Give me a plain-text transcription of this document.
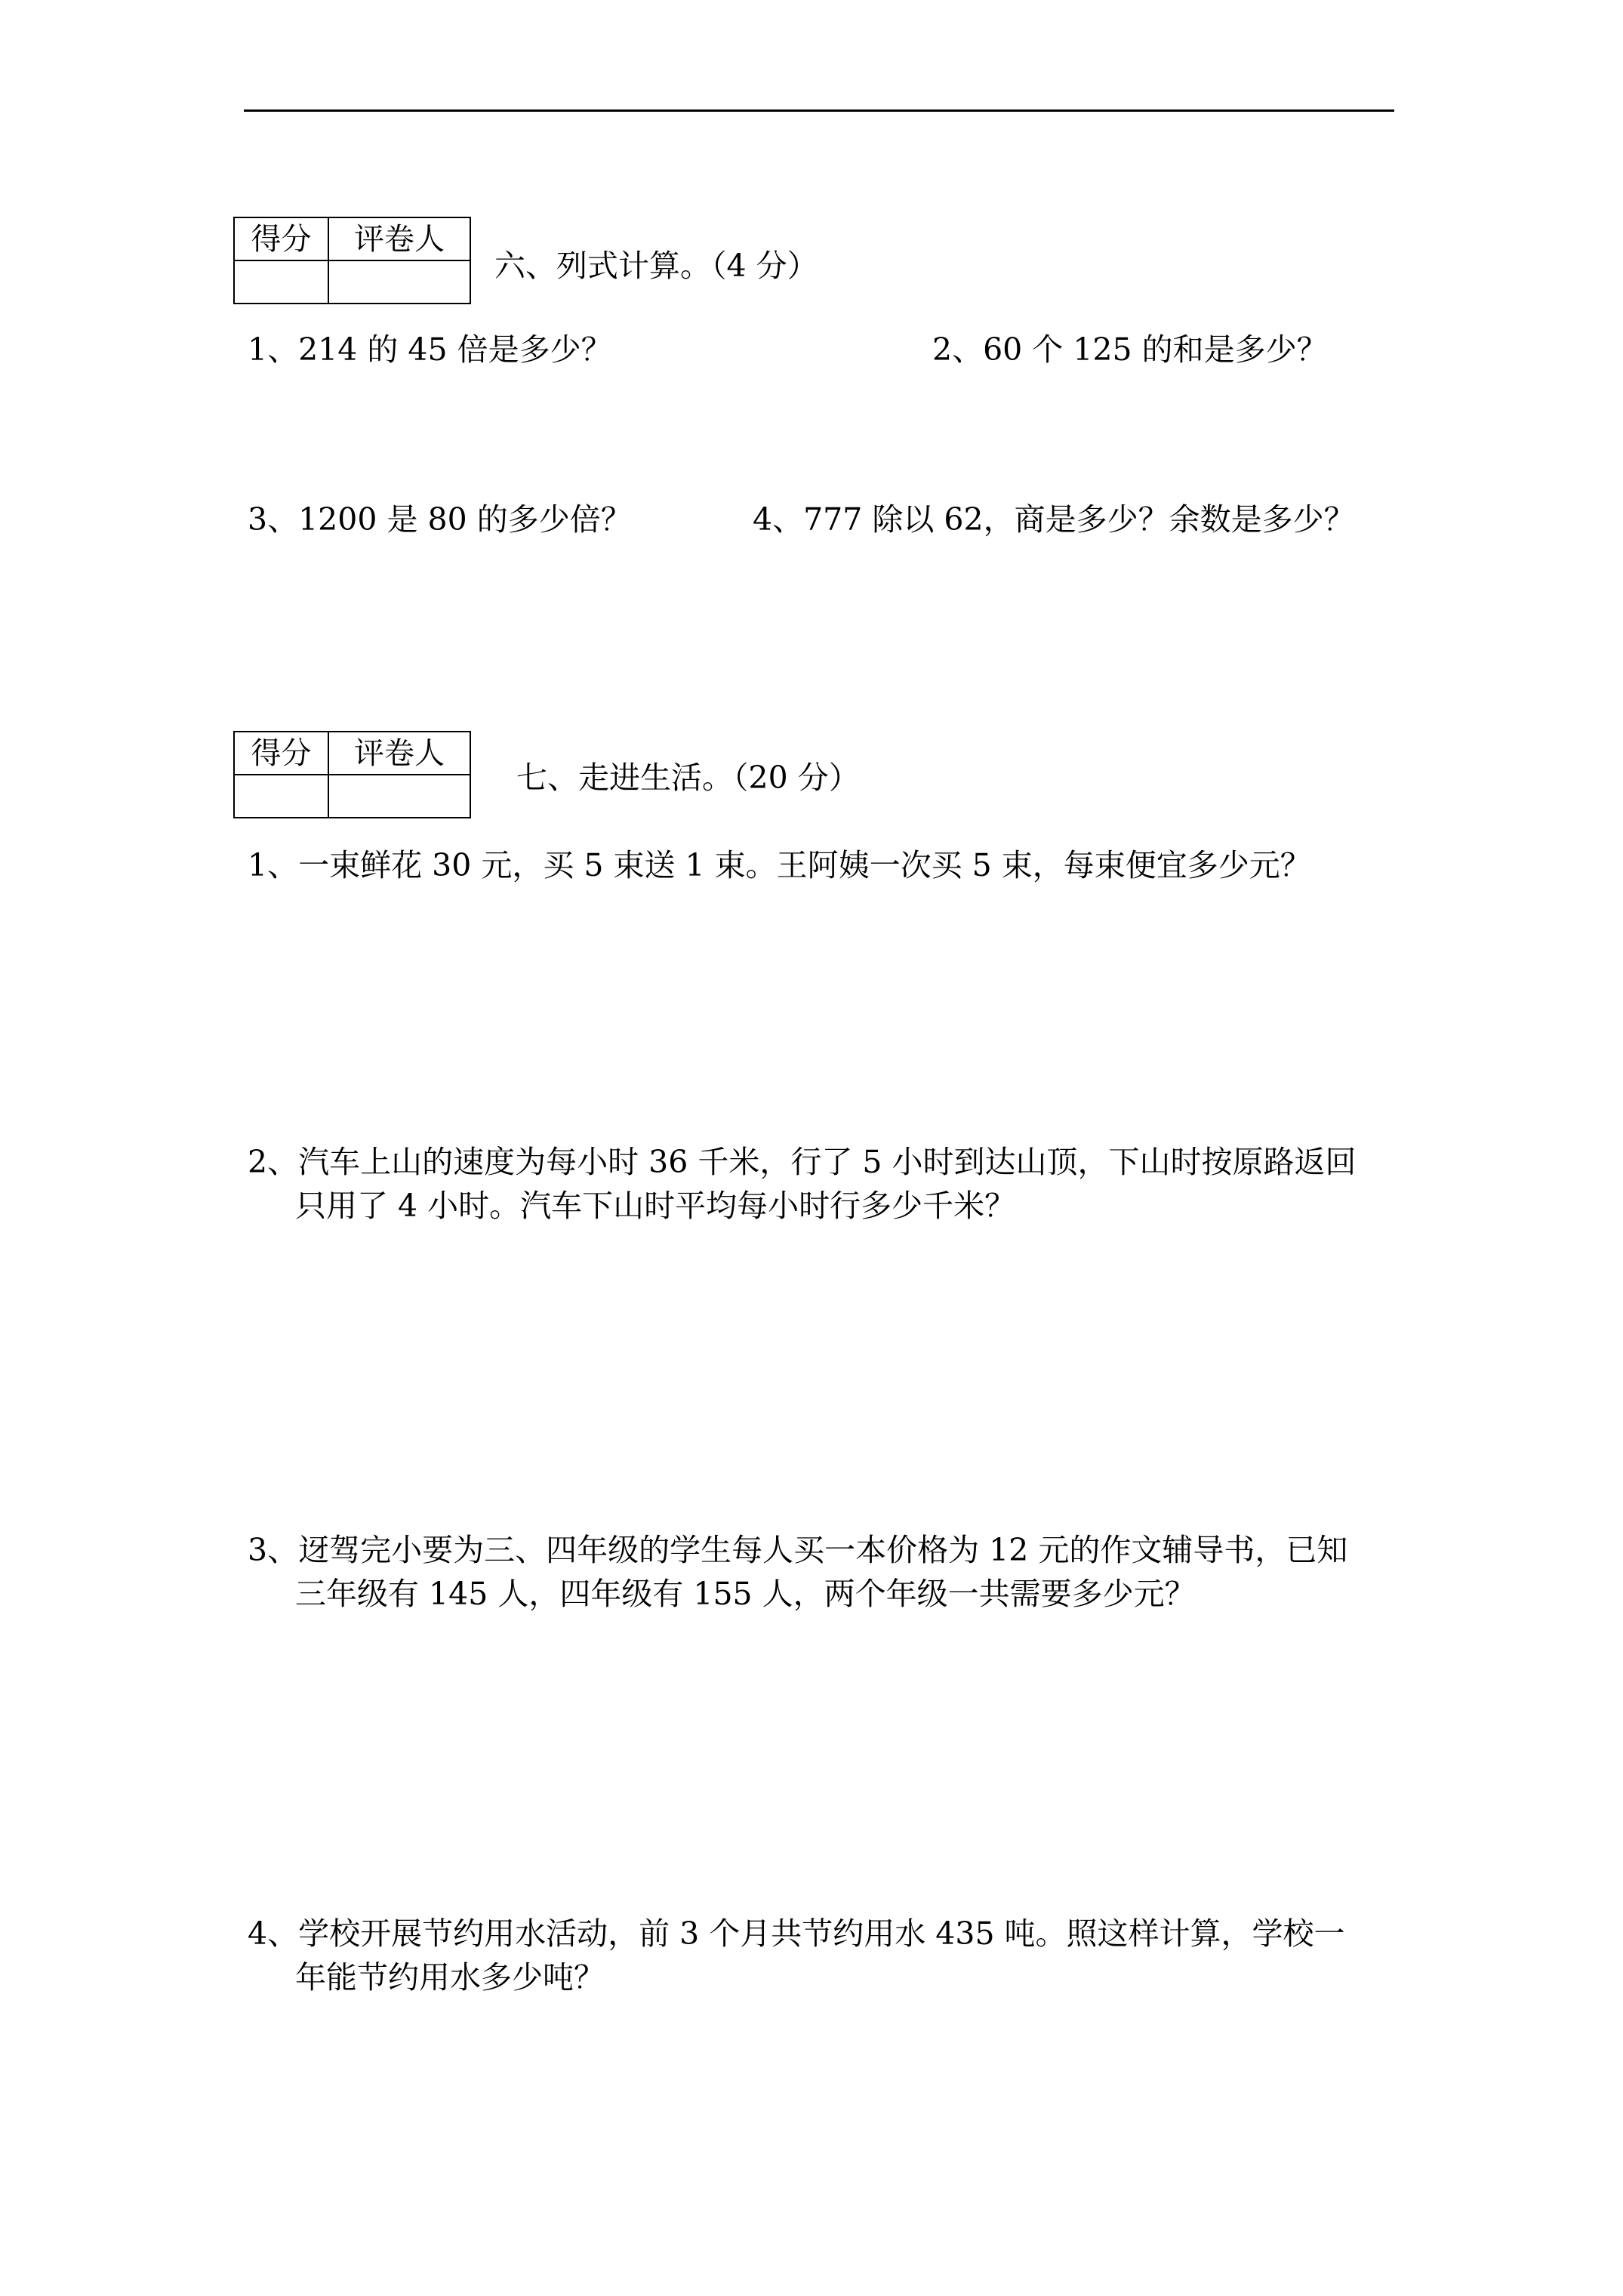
得分	评卷人

六、列式计算。（4 分）
1、214 的 45 倍是多少？	2、60 个 125 的和是多少？
3、1200 是 80 的多少倍？	4、777 除以 62，商是多少？余数是多少？
得分	评卷人

七、走进生活。（20 分）
1、一束鲜花 30 元，买 5 束送 1 束。王阿姨一次买 5 束，每束便宜多少元？
2、汽车上山的速度为每小时 36 千米，行了 5 小时到达山顶，下山时按原路返回
只用了 4 小时。汽车下山时平均每小时行多少千米？
3、迓驾完小要为三、四年级的学生每人买一本价格为 12 元的作文辅导书，已知
三年级有 145 人，四年级有 155 人，两个年级一共需要多少元？
4、学校开展节约用水活动，前 3 个月共节约用水 435 吨。照这样计算，学校一
年能节约用水多少吨？
